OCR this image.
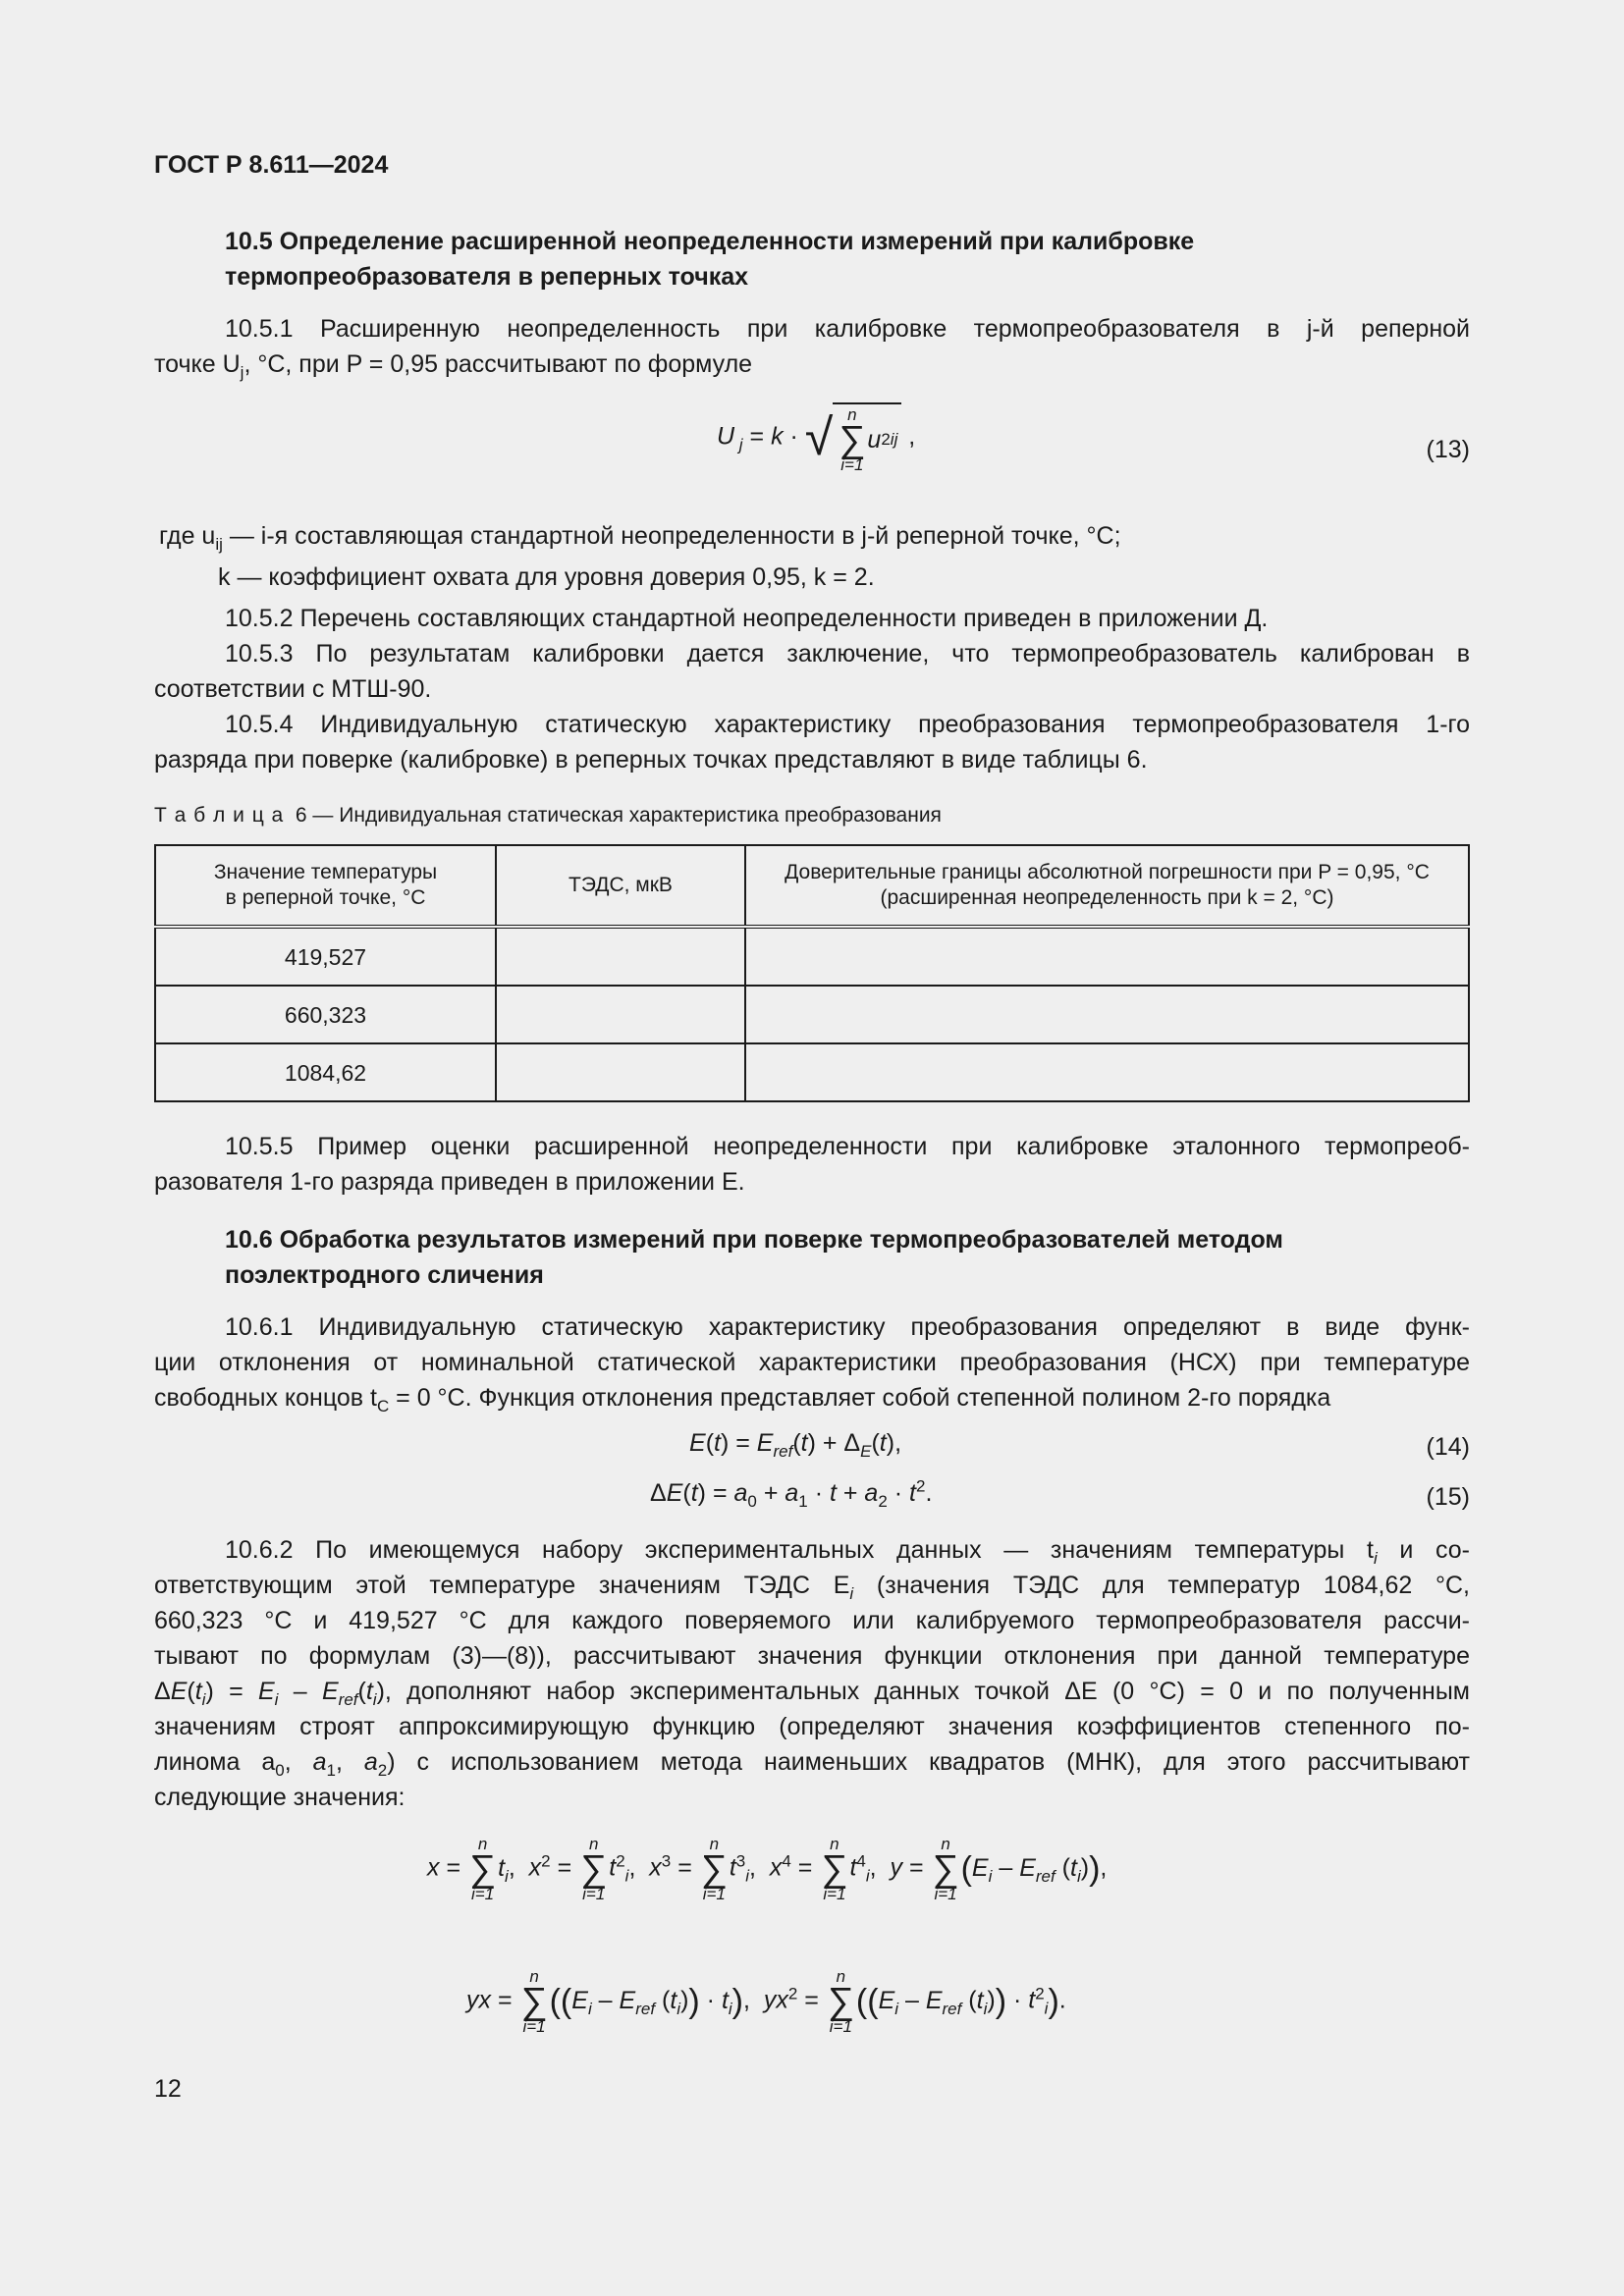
ГОСТ Р 8.611—2024
10.5 Определение расширенной неопределенности измерений при калибровке
термопреобразователя в реперных точках
10.5.1 Расширенную неопределенность при калибровке термопреобразователя в j-й реперной
точке $U_j$, °C, при P = 0,95 рассчитывают по формуле
U $_j$ = k · √ n
∑
i=1
u 2 ij ,	(13)
где $u_{ij}$ — i-я составляющая стандартной неопределенности в j-й реперной точке, °C;
k — коэффициент охвата для уровня доверия 0,95, k = 2.
10.5.2 Перечень составляющих стандартной неопределенности приведен в приложении Д.
10.5.3 По результатам калибровки дается заключение, что термопреобразователь калиброван в
соответствии с МТШ-90.
10.5.4 Индивидуальную статическую характеристику преобразования термопреобразователя 1-го
разряда при поверке (калибровке) в реперных точках представляют в виде таблицы 6.
Т а б л и ц а 6 — Индивидуальная статическая характеристика преобразования
Значение температуры
в реперной точке, °C	ТЭДС, мкВ	Доверительные границы абсолютной погрешности при P = 0,95, °C
(расширенная неопределенность при k = 2, °C)
419,527		
660,323		
1084,62		
10.5.5 Пример оценки расширенной неопределенности при калибровке эталонного термопреоб-
разователя 1-го разряда приведен в приложении Е.
10.6 Обработка результатов измерений при поверке термопреобразователей методом
поэлектродного сличения
10.6.1 Индивидуальную статическую характеристику преобразования определяют в виде функ-
ции отклонения от номинальной статической характеристики преобразования (НСХ) при температуре
свободных концов $t_C = 0$ °C. Функция отклонения представляет собой степенной полином 2-го порядка
$E(t) = E_{ref}(t) + \Delta_E(t)$,	(14)
$\Delta E(t) = a_0 + a_1 \cdot t + a_2 \cdot t^2$.	(15)
10.6.2 По имеющемуся набору экспериментальных данных — значениям температуры $t_i$ и со-
ответствующим этой температуре значениям ТЭДС $E_i$ (значения ТЭДС для температур 1084,62 °C,
660,323 °C и 419,527 °C для каждого поверяемого или калибруемого термопреобразователя рассчи-
тывают по формулам (3)—(8)), рассчитывают значения функции отклонения при данной температуре
$\Delta E(t_i) = E_i - E_{ref}(t_i)$, дополняют набор экспериментальных данных точкой ΔE (0 °C) = 0 и по полученным
значениям строят аппроксимирующую функцию (определяют значения коэффициентов степенного по-
линома $a_0$, $a_1$, $a_2$) с использованием метода наименьших квадратов (МНК), для этого рассчитывают
следующие значения:
x =
n
∑
i=1
$t_i$,  $x^2$ =
n
∑
i=1
$t^2_i$,  $x^3$ =
n
∑
i=1
$t^3_i$,  $x^4$ =
n
∑
i=1
$t^4_i$,  y =
n
∑
i=1
($E_i - E_{ref}$ $(t_i)$),
yx =
n
∑
i=1
(($E_i - E_{ref}$ $(t_i)) \cdot t_i$),  $yx^2$ =
n
∑
i=1
(($E_i - E_{ref}$ $(t_i)) \cdot t^2_i$).
12
